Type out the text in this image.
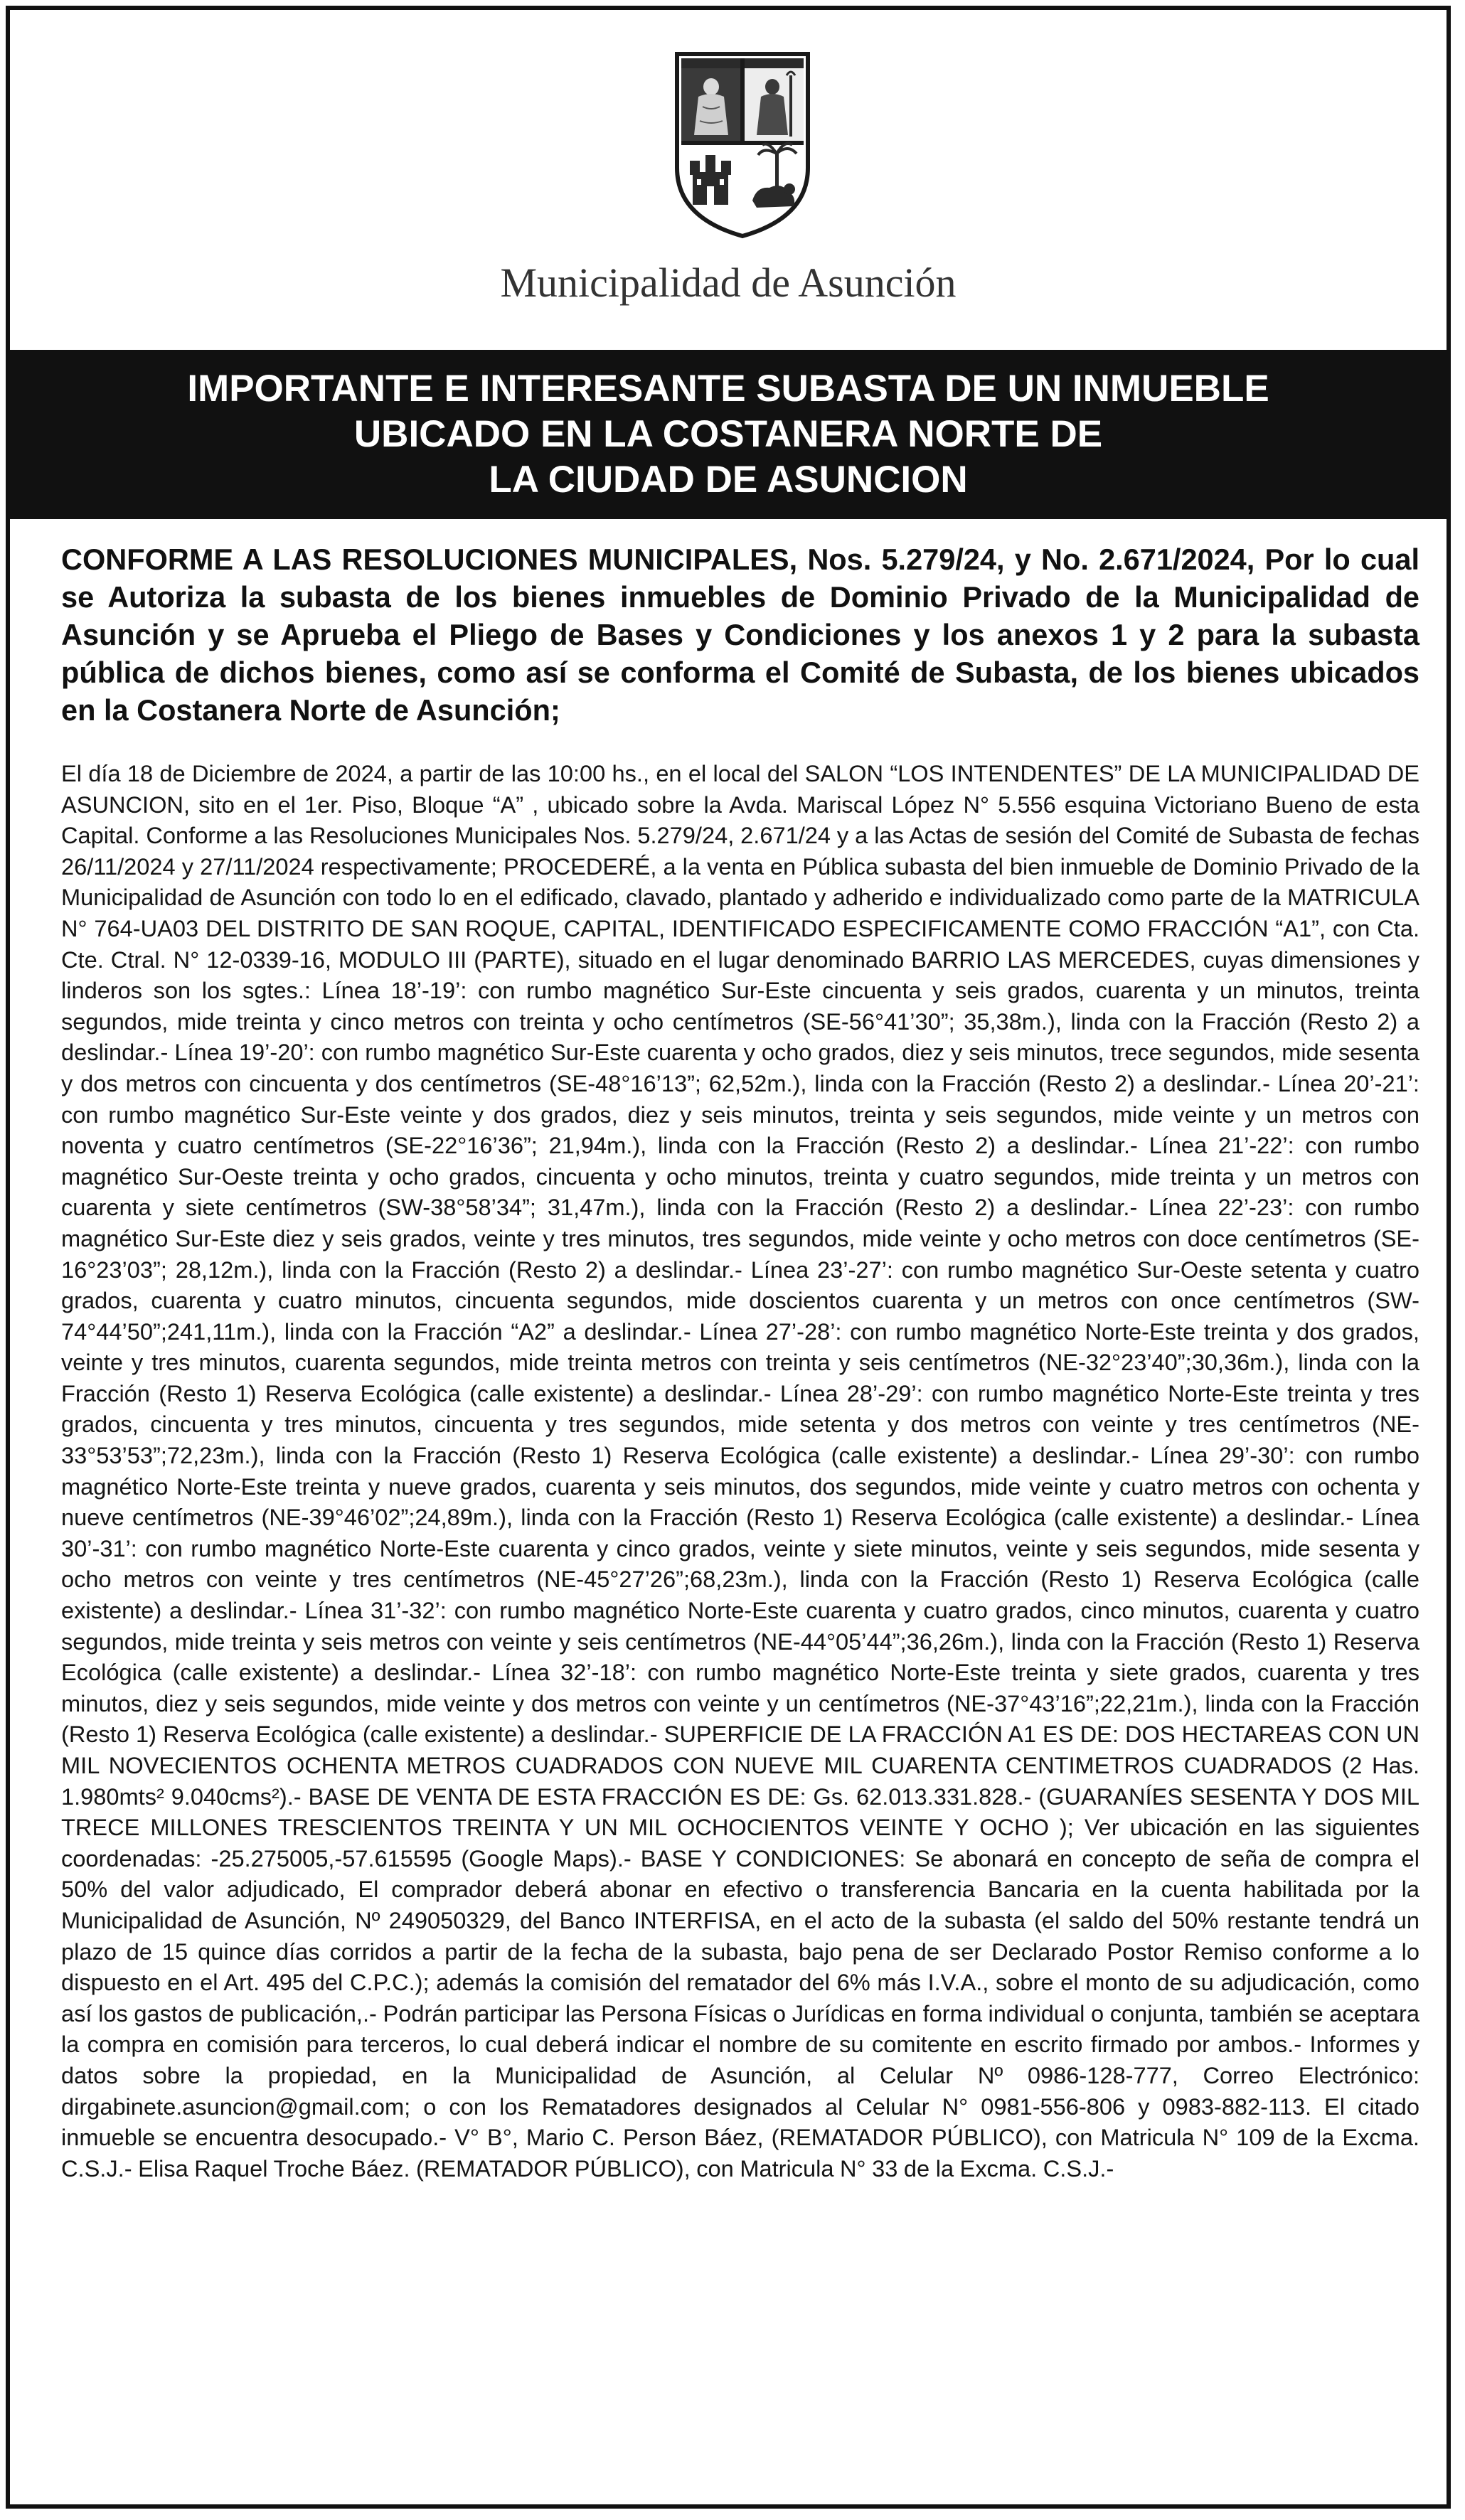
Municipalidad de Asunción
IMPORTANTE E INTERESANTE SUBASTA DE UN INMUEBLE
UBICADO EN LA COSTANERA NORTE DE
LA CIUDAD DE ASUNCION
CONFORME A LAS RESOLUCIONES MUNICIPALES, Nos. 5.279/24, y No. 2.671/2024, Por lo cual se Autoriza la subasta de los bienes inmuebles de Dominio Privado de la Municipalidad de Asunción y se Aprueba el Pliego de Bases y Condiciones y los anexos 1 y 2 para la subasta pública de dichos bienes, como así se conforma el Comité de Subasta, de los bienes ubicados en la Costanera Norte de Asunción;
El día 18 de Diciembre de 2024, a partir de las 10:00 hs., en el local del SALON “LOS INTENDENTES” DE LA MUNICIPALIDAD DE ASUNCION, sito en el 1er. Piso, Bloque “A” , ubicado sobre la Avda. Mariscal López N° 5.556 esquina Victoriano Bueno de esta Capital. Conforme a las Resoluciones Municipales Nos. 5.279/24, 2.671/24 y a las Actas de sesión del Comité de Subasta de fechas 26/11/2024 y 27/11/2024 respectivamente; PROCEDERÉ, a la venta en Pública subasta del bien inmueble de Dominio Privado de la Municipalidad de Asunción con todo lo en el edificado, clavado, plantado y adherido e individualizado como parte de la MATRICULA N° 764-UA03 DEL DISTRITO DE SAN ROQUE, CAPITAL, IDENTIFICADO ESPECIFICAMENTE COMO FRACCIÓN “A1”, con Cta. Cte. Ctral. N° 12-0339-16, MODULO III (PARTE), situado en el lugar denominado BARRIO LAS MERCEDES, cuyas dimensiones y linderos son los sgtes.: Línea 18’-19’: con rumbo magnético Sur-Este cincuenta y seis grados, cuarenta y un minutos, treinta segundos, mide treinta y cinco metros con treinta y ocho centímetros (SE-56°41’30”; 35,38m.), linda con la Fracción (Resto 2) a deslindar.- Línea 19’-20’: con rumbo magnético Sur-Este cuarenta y ocho grados, diez y seis minutos, trece segundos, mide sesenta y dos metros con cincuenta y dos centímetros (SE-48°16’13”; 62,52m.), linda con la Fracción (Resto 2) a deslindar.- Línea 20’-21’: con rumbo magnético Sur-Este veinte y dos grados, diez y seis minutos, treinta y seis segundos, mide veinte y un metros con noventa y cuatro centímetros (SE-22°16’36”; 21,94m.), linda con la Fracción (Resto 2) a deslindar.- Línea 21’-22’: con rumbo magnético Sur-Oeste treinta y ocho grados, cincuenta y ocho minutos, treinta y cuatro segundos, mide treinta y un metros con cuarenta y siete centímetros (SW-38°58’34”; 31,47m.), linda con la Fracción (Resto 2) a deslindar.- Línea 22’-23’: con rumbo magnético Sur-Este diez y seis grados, veinte y tres minutos, tres segundos, mide veinte y ocho metros con doce centímetros (SE-16°23’03”; 28,12m.), linda con la Fracción (Resto 2) a deslindar.- Línea 23’-27’: con rumbo magnético Sur-Oeste setenta y cuatro grados, cuarenta y cuatro minutos, cincuenta segundos, mide doscientos cuarenta y un metros con once centímetros (SW-74°44’50”;241,11m.), linda con la Fracción “A2” a deslindar.- Línea 27’-28’: con rumbo magnético Norte-Este treinta y dos grados, veinte y tres minutos, cuarenta segundos, mide treinta metros con treinta y seis centímetros (NE-32°23’40”;30,36m.), linda con la Fracción (Resto 1) Reserva Ecológica (calle existente) a deslindar.- Línea 28’-29’: con rumbo magnético Norte-Este treinta y tres grados, cincuenta y tres minutos, cincuenta y tres segundos, mide setenta y dos metros con veinte y tres centímetros (NE-33°53’53”;72,23m.), linda con la Fracción (Resto 1) Reserva Ecológica (calle existente) a deslindar.- Línea 29’-30’: con rumbo magnético Norte-Este treinta y nueve grados, cuarenta y seis minutos, dos segundos, mide veinte y cuatro metros con ochenta y nueve centímetros (NE-39°46’02”;24,89m.), linda con la Fracción (Resto 1) Reserva Ecológica (calle existente) a deslindar.- Línea 30’-31’: con rumbo magnético Norte-Este cuarenta y cinco grados, veinte y siete minutos, veinte y seis segundos, mide sesenta y ocho metros con veinte y tres centímetros (NE-45°27’26”;68,23m.), linda con la Fracción (Resto 1) Reserva Ecológica (calle existente) a deslindar.- Línea 31’-32’: con rumbo magnético Norte-Este cuarenta y cuatro grados, cinco minutos, cuarenta y cuatro segundos, mide treinta y seis metros con veinte y seis centímetros (NE-44°05’44”;36,26m.), linda con la Fracción (Resto 1) Reserva Ecológica (calle existente) a deslindar.- Línea 32’-18’: con rumbo magnético Norte-Este treinta y siete grados, cuarenta y tres minutos, diez y seis segundos, mide veinte y dos metros con veinte y un centímetros (NE-37°43’16”;22,21m.), linda con la Fracción (Resto 1) Reserva Ecológica (calle existente) a deslindar.- SUPERFICIE DE LA FRACCIÓN A1 ES DE: DOS HECTAREAS CON UN MIL NOVECIENTOS OCHENTA METROS CUADRADOS CON NUEVE MIL CUARENTA CENTIMETROS CUADRADOS (2 Has. 1.980mts² 9.040cms²).- BASE DE VENTA DE ESTA FRACCIÓN ES DE: Gs. 62.013.331.828.- (GUARANÍES SESENTA Y DOS MIL TRECE MILLONES TRESCIENTOS TREINTA Y UN MIL OCHOCIENTOS VEINTE Y OCHO ); Ver ubicación en las siguientes coordenadas: -25.275005,-57.615595 (Google Maps).- BASE Y CONDICIONES: Se abonará en concepto de seña de compra el 50% del valor adjudicado, El comprador deberá abonar en efectivo o transferencia Bancaria en la cuenta habilitada por la Municipalidad de Asunción, Nº 249050329, del Banco INTERFISA, en el acto de la subasta (el saldo del 50% restante tendrá un plazo de 15 quince días corridos a partir de la fecha de la subasta, bajo pena de ser Declarado Postor Remiso conforme a lo dispuesto en el Art. 495 del C.P.C.); además la comisión del rematador del 6% más I.V.A., sobre el monto de su adjudicación, como así los gastos de publicación,.- Podrán participar las Persona Físicas o Jurídicas en forma individual o conjunta, también se aceptara la compra en comisión para terceros, lo cual deberá indicar el nombre de su comitente en escrito firmado por ambos.- Informes y datos sobre la propiedad, en la Municipalidad de Asunción, al Celular Nº 0986-128-777, Correo Electrónico: dirgabinete.asuncion@gmail.com; o con los Rematadores designados al Celular N° 0981-556-806 y 0983-882-113. El citado inmueble se encuentra desocupado.- V° B°, Mario C. Person Báez, (REMATADOR PÚBLICO), con Matricula N° 109 de la Excma. C.S.J.- Elisa Raquel Troche Báez. (REMATADOR PÚBLICO), con Matricula N° 33 de la Excma. C.S.J.-
